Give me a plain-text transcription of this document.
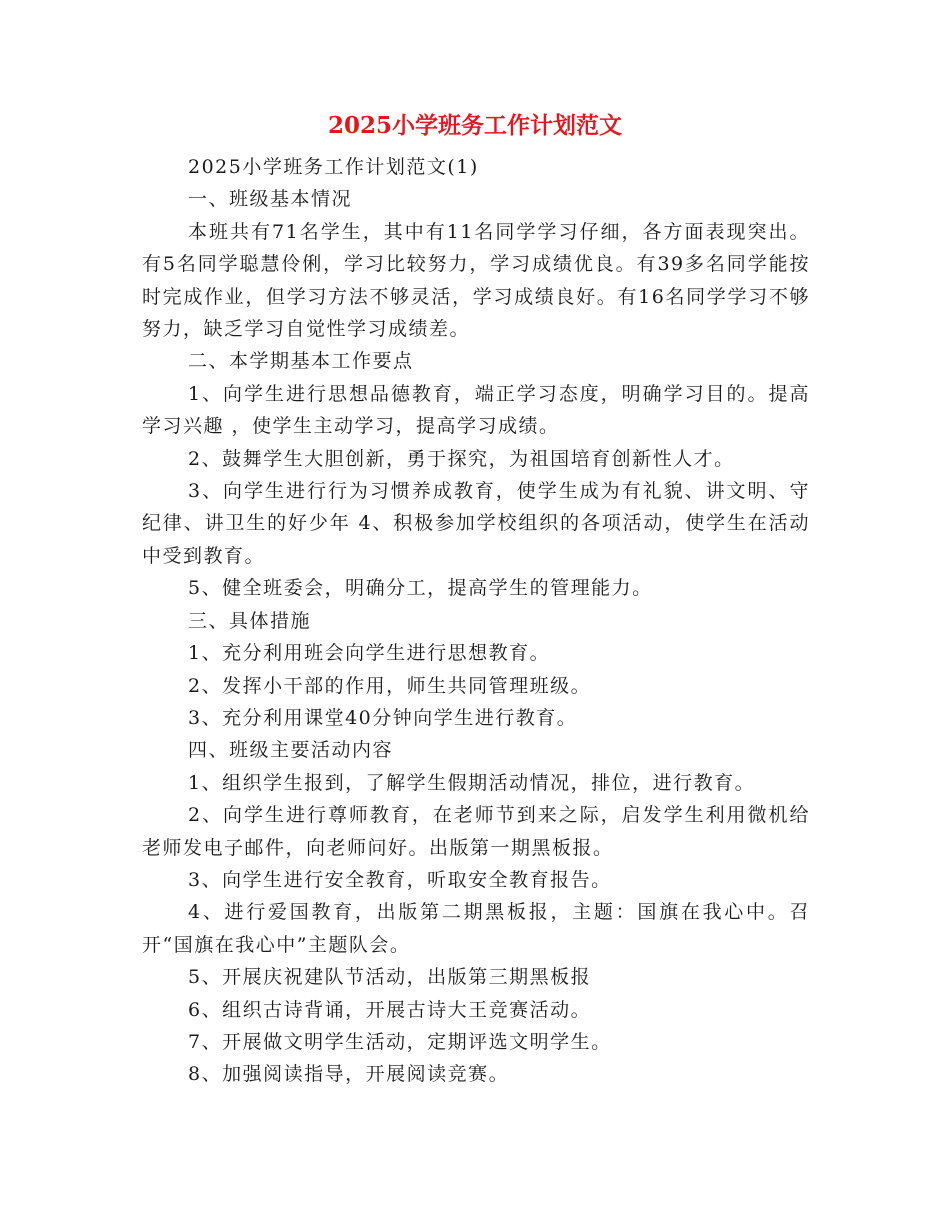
2025小学班务工作计划范文

2025小学班务工作计划范文(1)

一、班级基本情况

本班共有71名学生，其中有11名同学学习仔细，各方面表现突出。有5名同学聪慧伶俐，学习比较努力，学习成绩优良。有39多名同学能按时完成作业，但学习方法不够灵活，学习成绩良好。有16名同学学习不够努力，缺乏学习自觉性学习成绩差。

二、本学期基本工作要点

1、向学生进行思想品德教育，端正学习态度，明确学习目的。提高学习兴趣 ，使学生主动学习，提高学习成绩。

2、鼓舞学生大胆创新，勇于探究，为祖国培育创新性人才。

3、向学生进行行为习惯养成教育，使学生成为有礼貌、讲文明、守纪律、讲卫生的好少年 4、积极参加学校组织的各项活动，使学生在活动中受到教育。

5、健全班委会，明确分工，提高学生的管理能力。

三、具体措施

1、充分利用班会向学生进行思想教育。

2、发挥小干部的作用，师生共同管理班级。

3、充分利用课堂40分钟向学生进行教育。

四、班级主要活动内容

1、组织学生报到，了解学生假期活动情况，排位，进行教育。

2、向学生进行尊师教育，在老师节到来之际，启发学生利用微机给老师发电子邮件，向老师问好。出版第一期黑板报。

3、向学生进行安全教育，听取安全教育报告。

4、进行爱国教育，出版第二期黑板报，主题：国旗在我心中。召开“国旗在我心中”主题队会。

5、开展庆祝建队节活动，出版第三期黑板报

6、组织古诗背诵，开展古诗大王竞赛活动。

7、开展做文明学生活动，定期评选文明学生。

8、加强阅读指导，开展阅读竞赛。
